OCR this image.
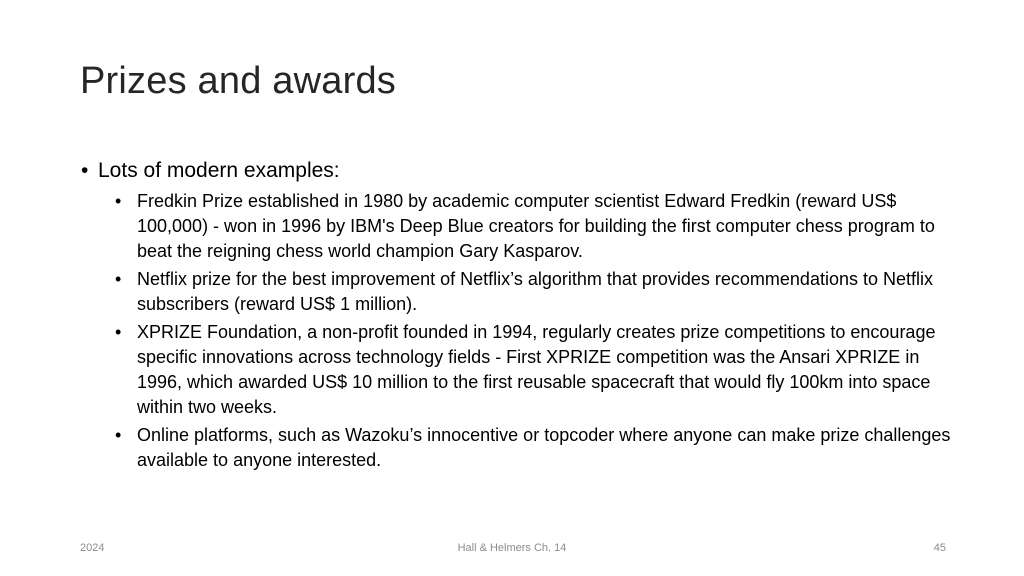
Prizes and awards
• Lots of modern examples:
• Fredkin Prize established in 1980 by academic computer scientist Edward Fredkin (reward US$ 100,000) - won in 1996 by IBM's Deep Blue creators for building the first computer chess program to beat the reigning chess world champion Gary Kasparov.
• Netflix prize for the best improvement of Netflix’s algorithm that provides recommendations to Netflix subscribers (reward US$ 1 million).
• XPRIZE Foundation, a non-profit founded in 1994, regularly creates prize competitions to encourage specific innovations across technology fields - First XPRIZE competition was the Ansari XPRIZE in 1996, which awarded US$ 10 million to the first reusable spacecraft that would fly 100km into space within two weeks.
• Online platforms, such as Wazoku’s innocentive or topcoder where anyone can make prize challenges available to anyone interested.
2024	Hall & Helmers Ch. 14	45
